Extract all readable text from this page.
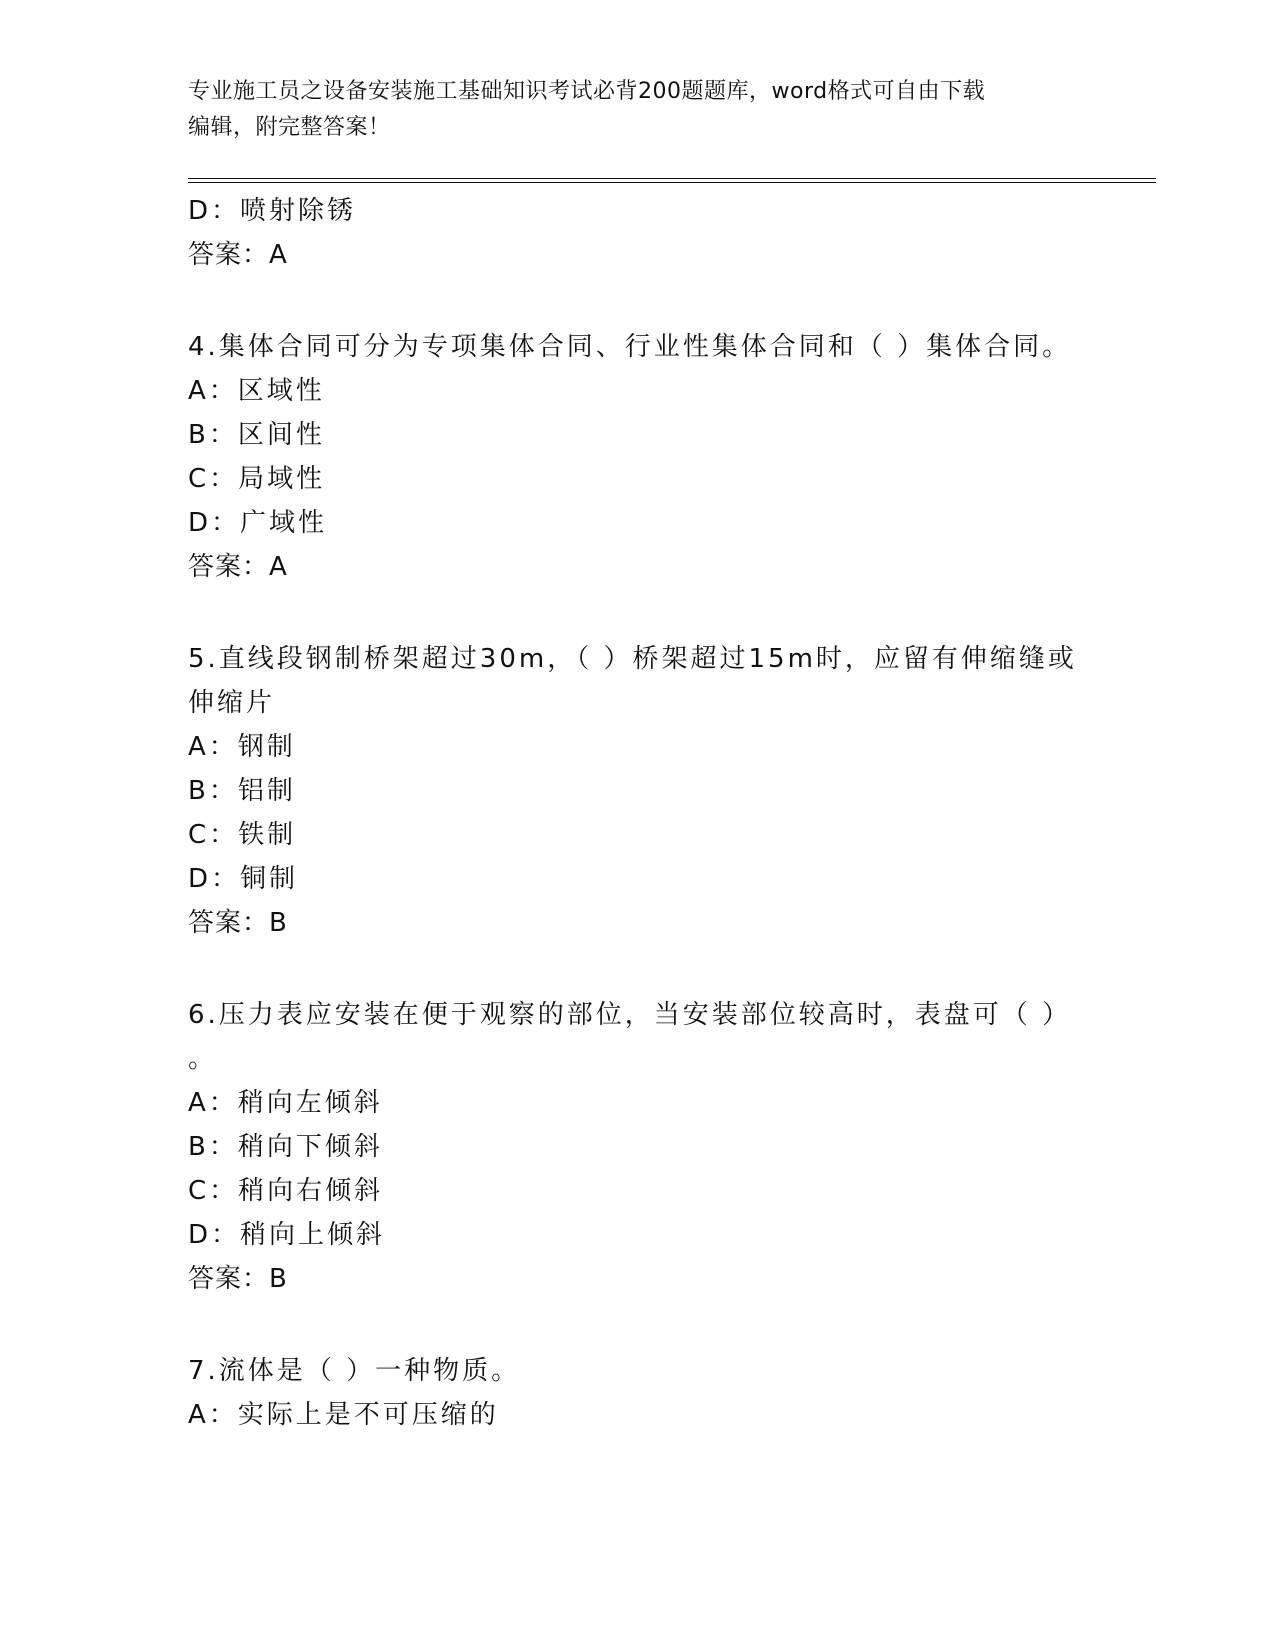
专业施工员之设备安装施工基础知识考试必背200题题库，word格式可自由下载
编辑，附完整答案！
D：喷射除锈
答案：A
4.集体合同可分为专项集体合同、行业性集体合同和（ ）集体合同。
A：区域性
B：区间性
C：局域性
D：广域性
答案：A
5.直线段钢制桥架超过30m，（ ）桥架超过15m时，应留有伸缩缝或
伸缩片
A：钢制
B：铝制
C：铁制
D：铜制
答案：B
6.压力表应安装在便于观察的部位，当安装部位较高时，表盘可（ ）
。
A：稍向左倾斜
B：稍向下倾斜
C：稍向右倾斜
D：稍向上倾斜
答案：B
7.流体是（ ）一种物质。
A：实际上是不可压缩的
